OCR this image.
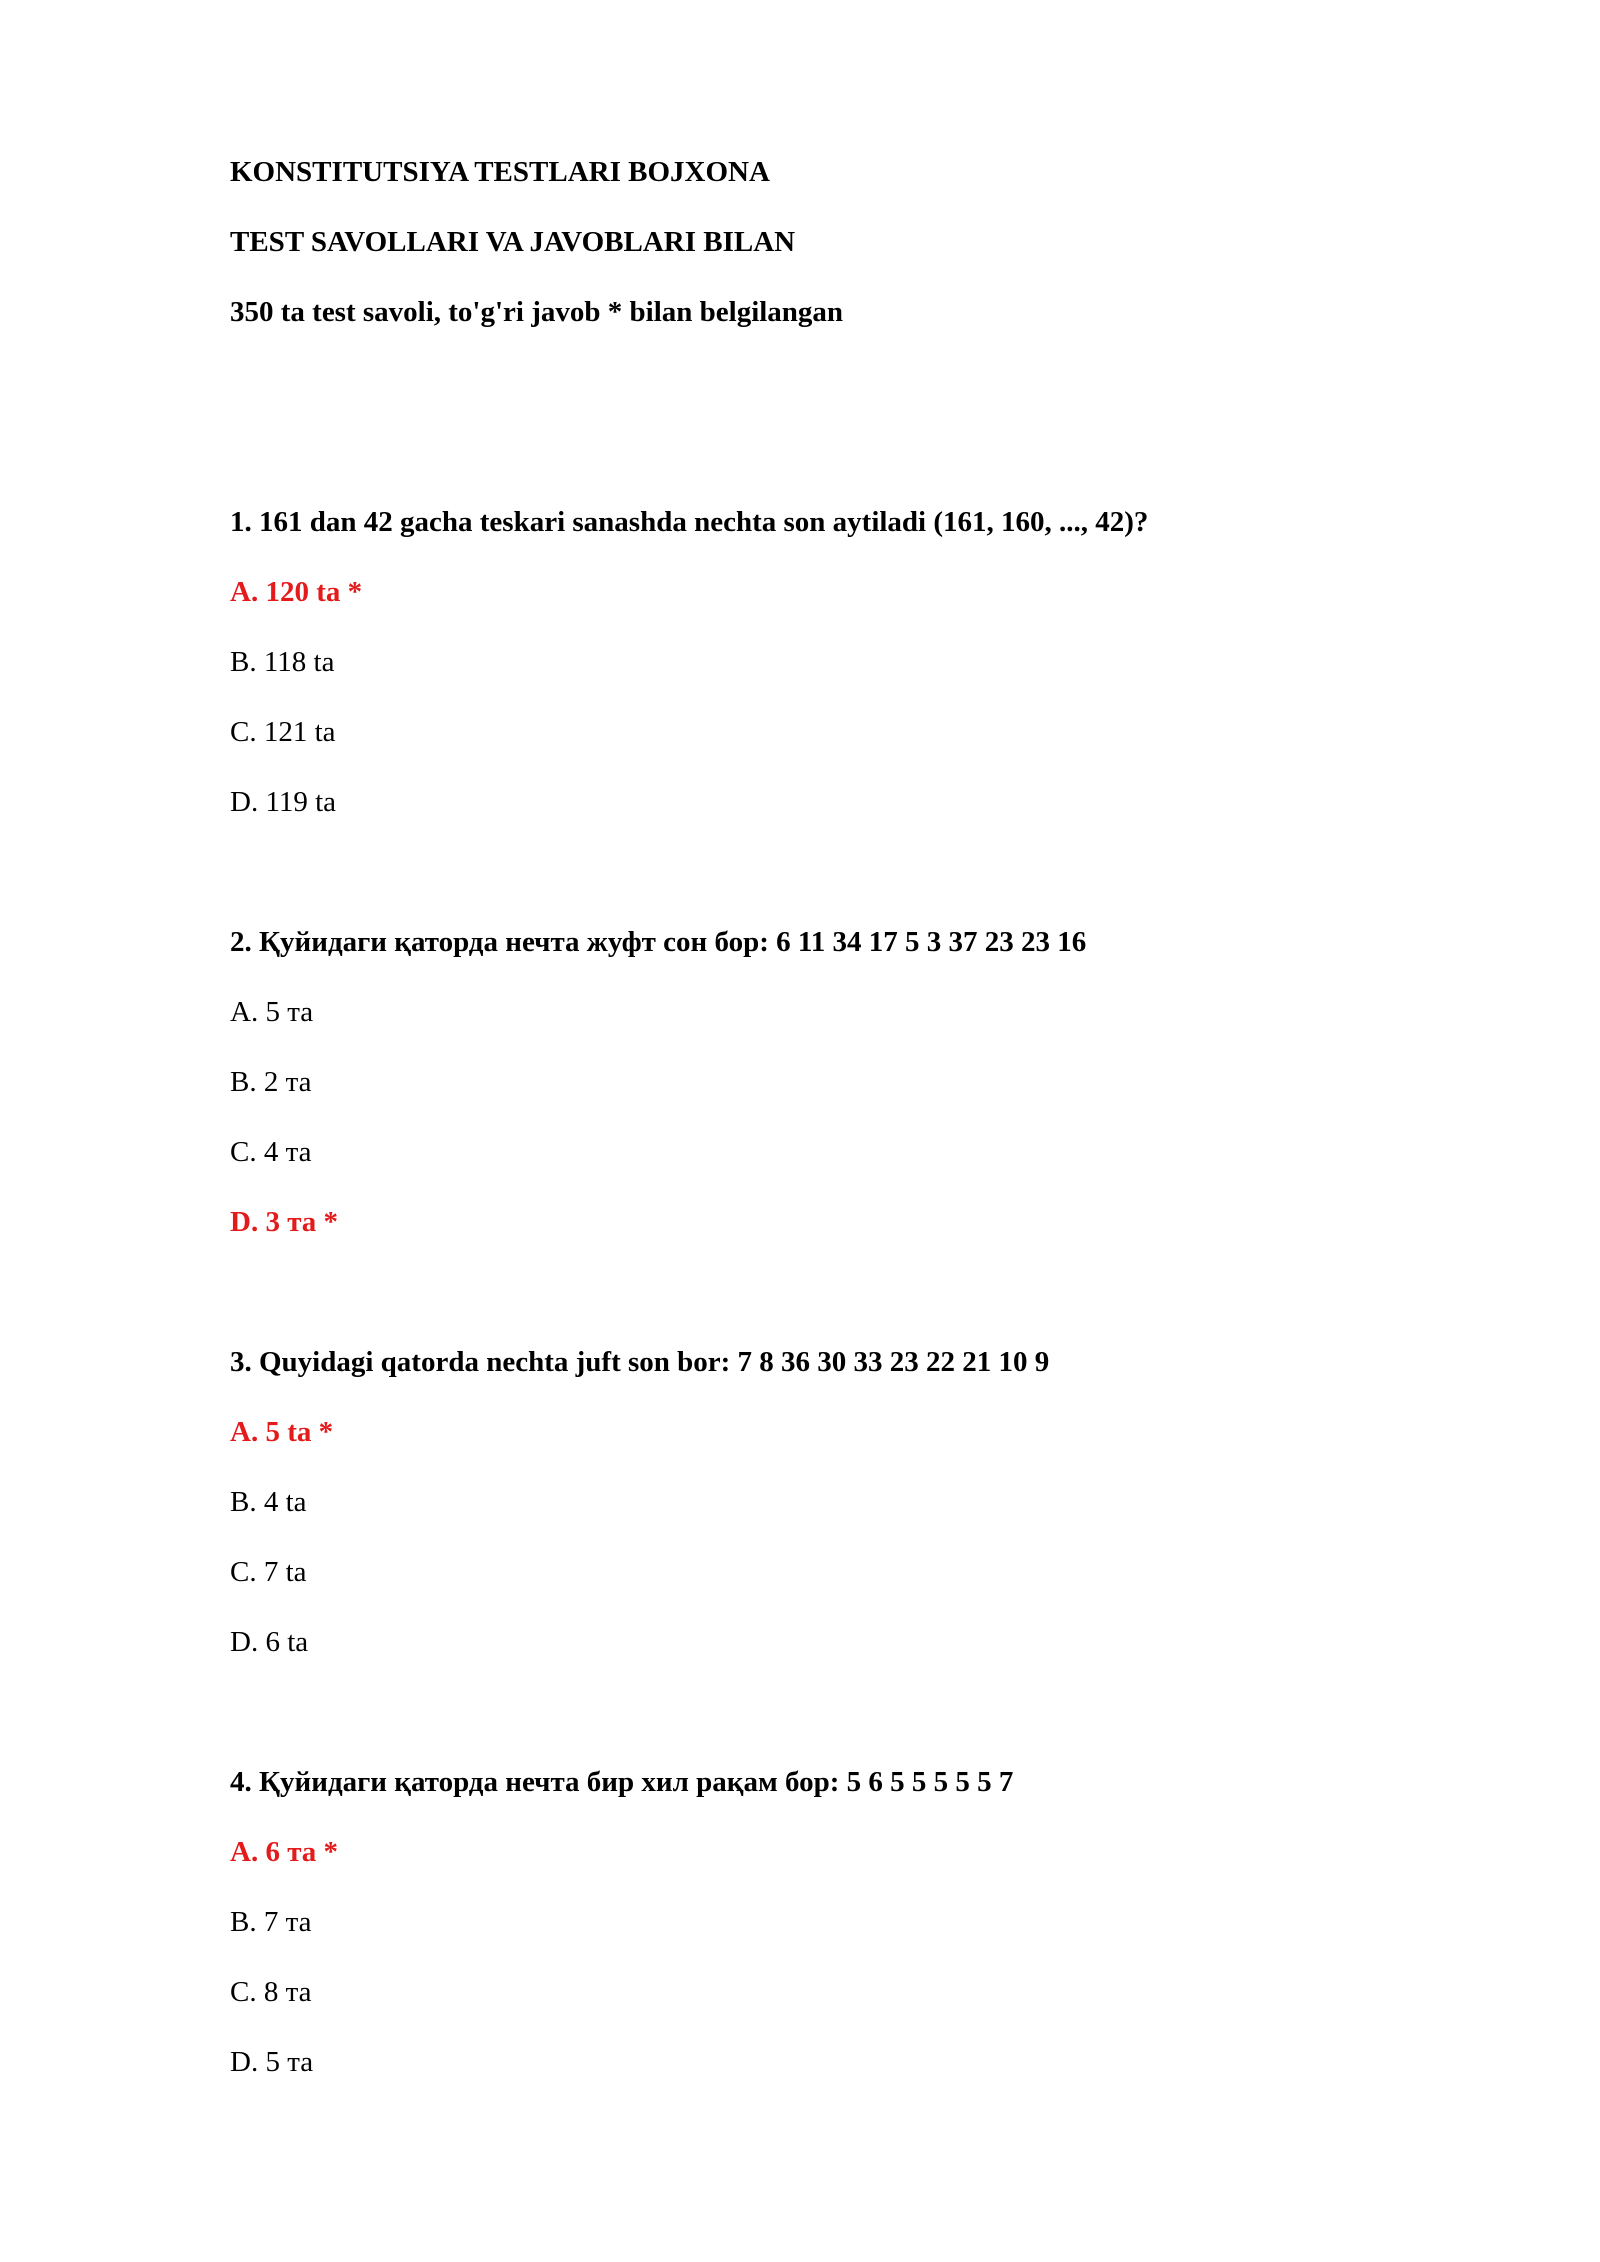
KONSTITUTSIYA TESTLARI BOJXONA

TEST SAVOLLARI VA JAVOBLARI BILAN

350 ta test savoli, to'g'ri javob * bilan belgilangan

1. 161 dan 42 gacha teskari sanashda nechta son aytiladi (161, 160, ..., 42)?

A. 120 ta *

B. 118 ta

C. 121 ta

D. 119 ta

2. Қуйидаги қаторда нечта жуфт сон бор: 6 11 34 17 5 3 37 23 23 16

A. 5 та

B. 2 та

C. 4 та

D. 3 та *

3. Quyidagi qatorda nechta juft son bor: 7 8 36 30 33 23 22 21 10 9

A. 5 ta *

B. 4 ta

C. 7 ta

D. 6 ta

4. Қуйидаги қаторда нечта бир хил рақам бор: 5 6 5 5 5 5 5 7

A. 6 та *

B. 7 та

C. 8 та

D. 5 та
